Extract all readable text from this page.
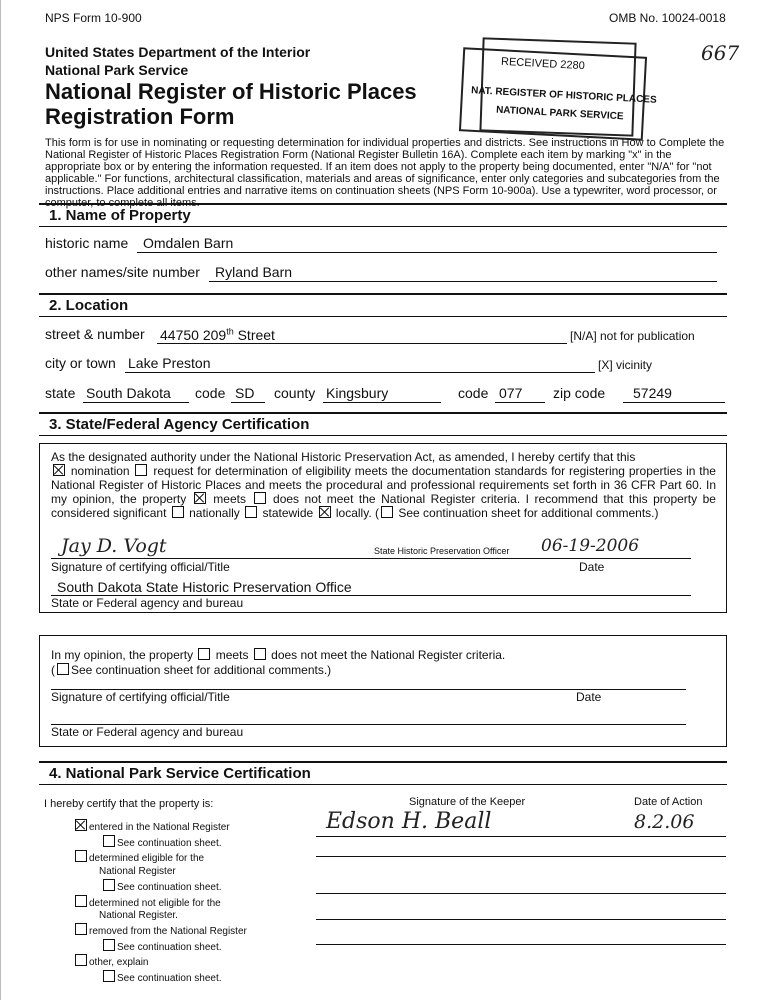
NPS Form 10-900	OMB No. 10024-0018
667
RECEIVED 2280
NAT. REGISTER OF HISTORIC PLACES
NATIONAL PARK SERVICE
United States Department of the Interior
National Park Service
National Register of Historic Places
Registration Form
This form is for use in nominating or requesting determination for individual properties and districts. See instructions in How to Complete the National Register of Historic Places Registration Form (National Register Bulletin 16A). Complete each item by marking "x" in the appropriate box or by entering the information requested. If an item does not apply to the property being documented, enter "N/A" for "not applicable." For functions, architectural classification, materials and areas of significance, enter only categories and subcategories from the instructions. Place additional entries and narrative items on continuation sheets (NPS Form 10-900a). Use a typewriter, word processor, or computer, to complete all items.
1. Name of Property
historic name	Omdalen Barn
other names/site number	Ryland Barn
2. Location
street & number 44750 209th Street	[N/A] not for publication
city or town Lake Preston	[X] vicinity
state South Dakota	code SD	county Kingsbury	code 077	zip code	57249
3. State/Federal Agency Certification
As the designated authority under the National Historic Preservation Act, as amended, I hereby certify that this
nomination request for determination of eligibility meets the documentation standards for registering properties in the National Register of Historic Places and meets the procedural and professional requirements set forth in 36 CFR Part 60. In my opinion, the property meets does not meet the National Register criteria. I recommend that this property be considered significant nationally statewide locally. ( See continuation sheet for additional comments.)
Jay D. Vogt
Signature of certifying official/Title
State Historic Preservation Officer 06-19-2006
Date
South Dakota State Historic Preservation Office
State or Federal agency and bureau
In my opinion, the property meets does not meet the National Register criteria.
( See continuation sheet for additional comments.)
Signature of certifying official/Title	Date
State or Federal agency and bureau
4. National Park Service Certification
I hereby certify that the property is:	Signature of the Keeper
Edson H. Beall
Date of Action
8.2.06
entered in the National Register
See continuation sheet.
determined eligible for the
National Register
See continuation sheet.
determined not eligible for the
National Register.
removed from the National Register
See continuation sheet.
other, explain
See continuation sheet.
